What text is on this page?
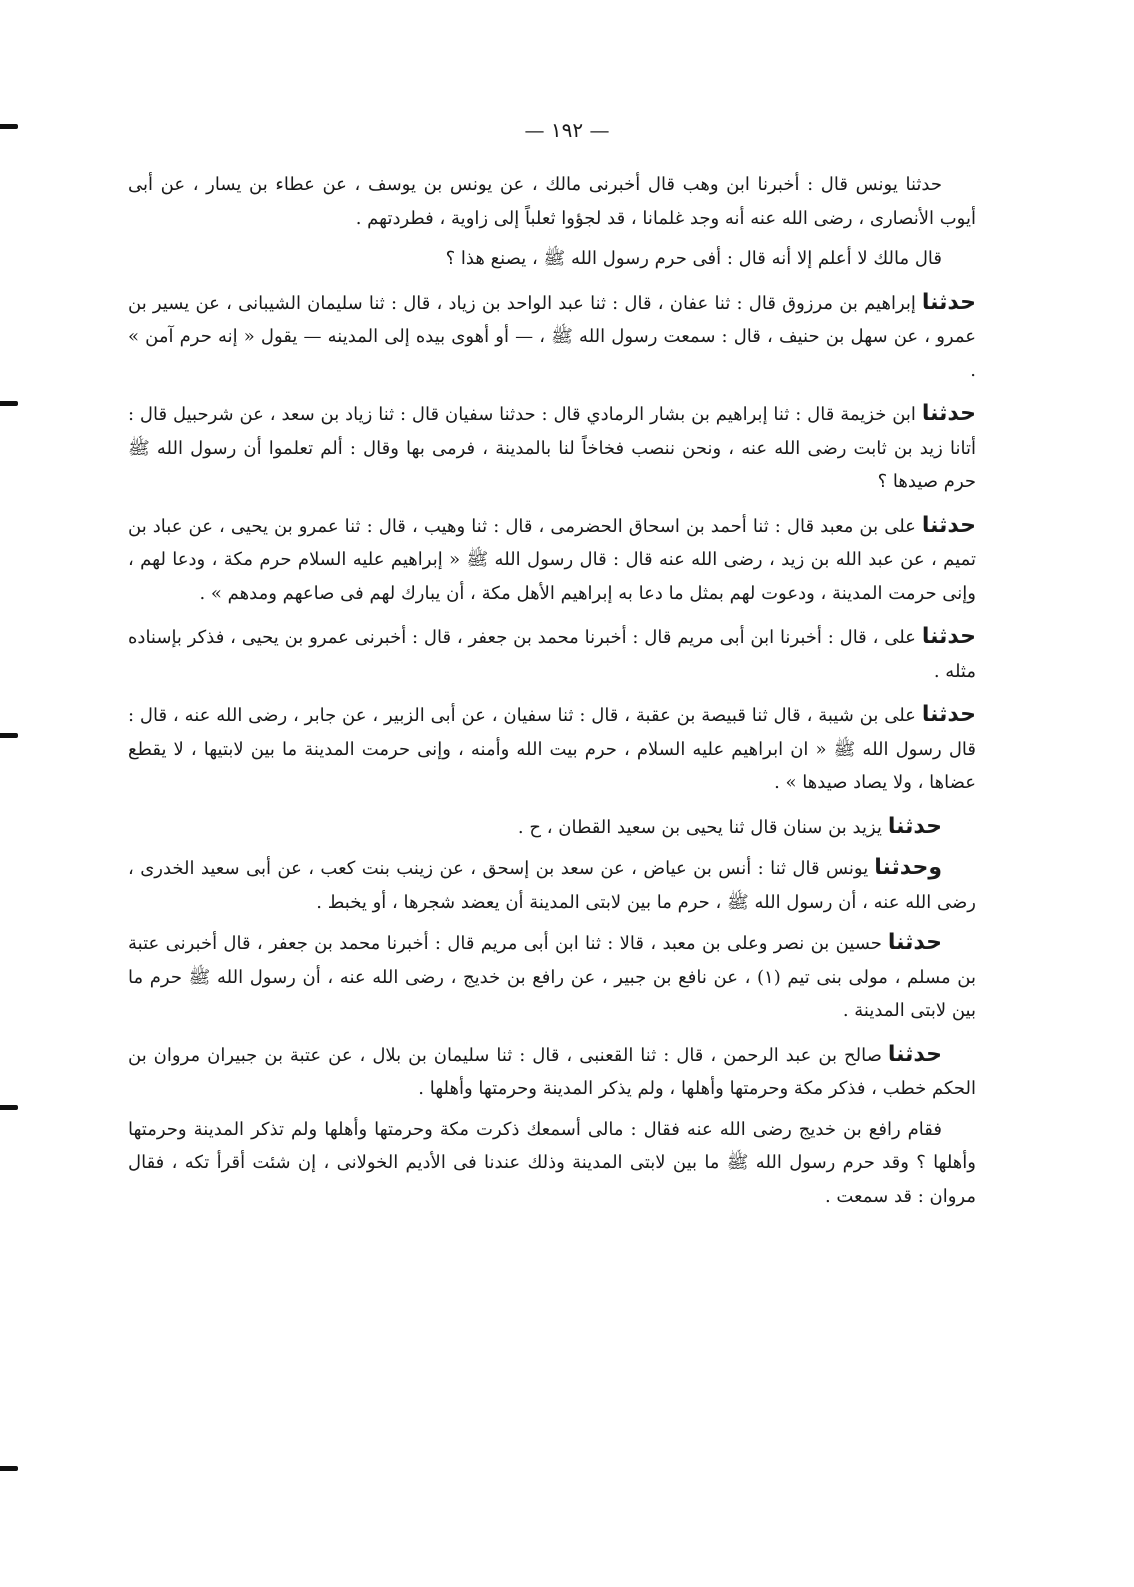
— ١٩٢ —

حدثنا يونس قال : أخبرنا ابن وهب قال أخبرنى مالك ، عن يونس بن يوسف ، عن عطاء بن يسار ، عن أبى أيوب الأنصارى ، رضى الله عنه أنه وجد غلمانا ، قد لجؤوا ثعلباً إلى زاوية ، فطردتهم .

قال مالك لا أعلم إلا أنه قال : أفى حرم رسول الله ﷺ ، يصنع هذا ؟

حدثناإبراهيم بن مرزوق قال : ثنا عفان ، قال : ثنا عبد الواحد بن زياد ، قال : ثنا سليمان الشيبانى ، عن يسير بن عمرو ، عن سهل بن حنيف ، قال : سمعت رسول الله ﷺ ، — أو أهوى بيده إلى المدينه — يقول « إنه حرم آمن » .

حدثناابن خزيمة قال : ثنا إبراهيم بن بشار الرمادي قال : حدثنا سفيان قال : ثنا زياد بن سعد ، عن شرحبيل قال : أتانا زيد بن ثابت رضى الله عنه ، ونحن ننصب فخاخاً لنا بالمدينة ، فرمى بها وقال : ألم تعلموا أن رسول الله ﷺ حرم صيدها ؟

حدثناعلى بن معبد قال : ثنا أحمد بن اسحاق الحضرمى ، قال : ثنا وهيب ، قال : ثنا عمرو بن يحيى ، عن عباد بن تميم ، عن عبد الله بن زيد ، رضى الله عنه قال : قال رسول الله ﷺ « إبراهيم عليه السلام حرم مكة ، ودعا لهم ، وإنى حرمت المدينة ، ودعوت لهم بمثل ما دعا به إبراهيم الأهل مكة ، أن يبارك لهم فى صاعهم ومدهم » .

حدثناعلى ، قال : أخبرنا ابن أبى مريم قال : أخبرنا محمد بن جعفر ، قال : أخبرنى عمرو بن يحيى ، فذكر بإسناده مثله .

حدثناعلى بن شيبة ، قال ثنا قبيصة بن عقبة ، قال : ثنا سفيان ، عن أبى الزبير ، عن جابر ، رضى الله عنه ، قال : قال رسول الله ﷺ « ان ابراهيم عليه السلام ، حرم بيت الله وأمنه ، وإنى حرمت المدينة ما بين لابتيها ، لا يقطع عضاها ، ولا يصاد صيدها » .

حدثنايزيد بن سنان قال ثنا يحيى بن سعيد القطان ، ح .

وحدثنايونس قال ثنا : أنس بن عياض ، عن سعد بن إسحق ، عن زينب بنت كعب ، عن أبى سعيد الخدرى ، رضى الله عنه ، أن رسول الله ﷺ ، حرم ما بين لابتى المدينة أن يعضد شجرها ، أو يخبط .

حدثناحسين بن نصر وعلى بن معبد ، قالا : ثنا ابن أبى مريم قال : أخبرنا محمد بن جعفر ، قال أخبرنى عتبة بن مسلم ، مولى بنى تيم (١) ، عن نافع بن جبير ، عن رافع بن خديج ، رضى الله عنه ، أن رسول الله ﷺ حرم ما بين لابتى المدينة .

حدثناصالح بن عبد الرحمن ، قال : ثنا القعنبى ، قال : ثنا سليمان بن بلال ، عن عتبة بن جبيران مروان بن الحكم خطب ، فذكر مكة وحرمتها وأهلها ، ولم يذكر المدينة وحرمتها وأهلها .

فقام رافع بن خديج رضى الله عنه فقال : مالى أسمعك ذكرت مكة وحرمتها وأهلها ولم تذكر المدينة وحرمتها وأهلها ؟ وقد حرم رسول الله ﷺ ما بين لابتى المدينة وذلك عندنا فى الأديم الخولانى ، إن شئت أقرأ تكه ، فقال مروان : قد سمعت .
